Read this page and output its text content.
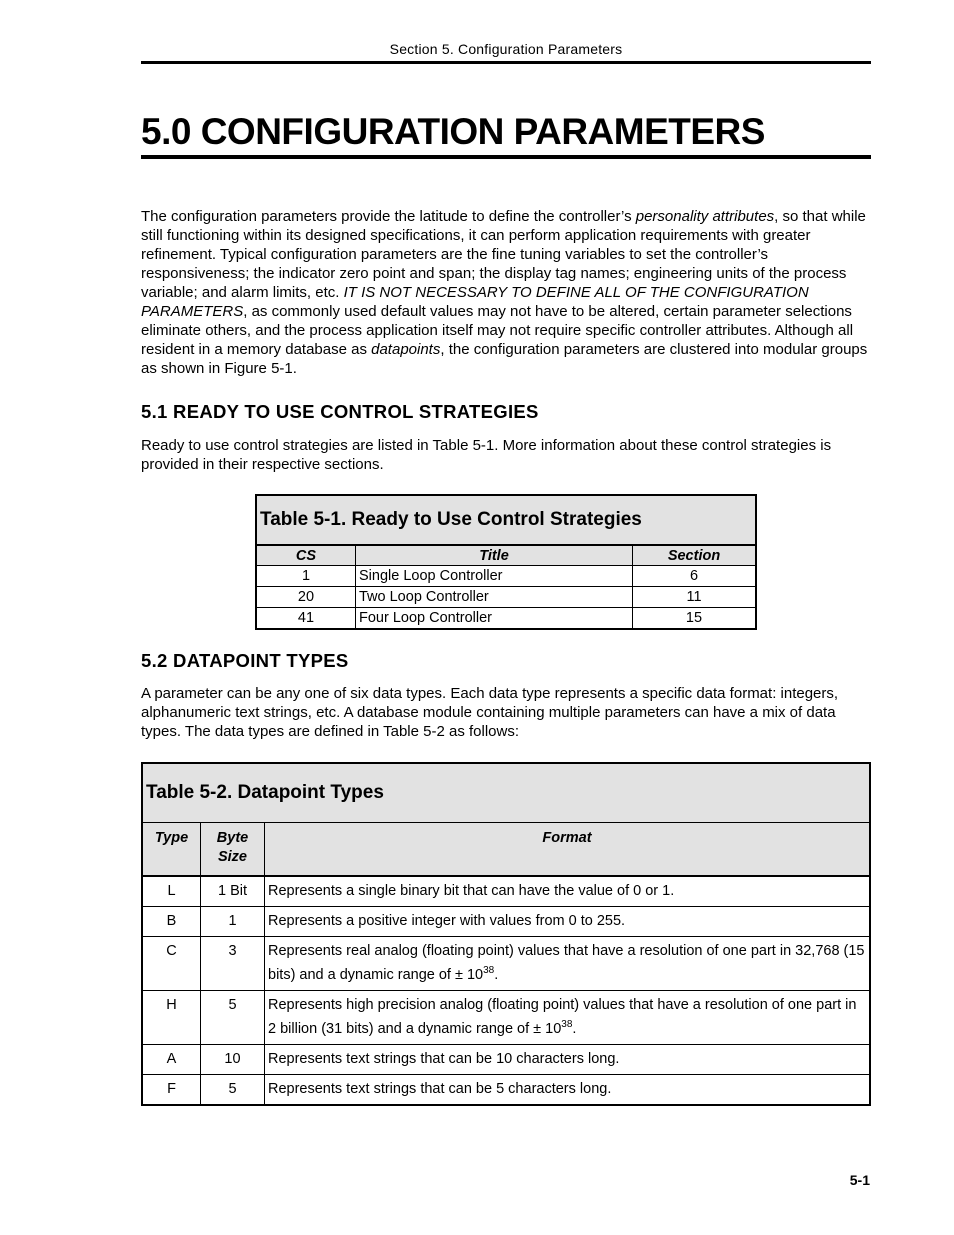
Section 5. Configuration Parameters
5.0 CONFIGURATION PARAMETERS

The configuration parameters provide the latitude to define the controller’s personality attributes, so that while still functioning within its designed specifications, it can perform application requirements with greater refinement. Typical configuration parameters are the fine tuning variables to set the controller’s responsiveness; the indicator zero point and span; the display tag names; engineering units of the process variable; and alarm limits, etc. IT IS NOT NECESSARY TO DEFINE ALL OF THE CONFIGURATION PARAMETERS, as commonly used default values may not have to be altered, certain parameter selections eliminate others, and the process application itself may not require specific controller attributes. Although all resident in a memory database as datapoints, the configuration parameters are clustered into modular groups as shown in Figure 5-1.

5.1 READY TO USE CONTROL STRATEGIES

Ready to use control strategies are listed in Table 5-1. More information about these control strategies is provided in their respective sections.

Table 5-1. Ready to Use Control Strategies		
CS	Title	Section
1	Single Loop Controller	6
20	Two Loop Controller	11
41	Four Loop Controller	15
5.2 DATAPOINT TYPES

A parameter can be any one of six data types. Each data type represents a specific data format: integers, alphanumeric text strings, etc. A database module containing multiple parameters can have a mix of data types. The data types are defined in Table 5-2 as follows:

Table 5-2. Datapoint Types		
Type	Byte Size	Format
L	1 Bit	Represents a single binary bit that can have the value of 0 or 1.
B	1	Represents a positive integer with values from 0 to 255.
C	3	Represents real analog (floating point) values that have a resolution of one part in 32,768 (15 bits) and a dynamic range of ± $10^{38}$.
H	5	Represents high precision analog (floating point) values that have a resolution of one part in 2 billion (31 bits) and a dynamic range of ± $10^{38}$.
A	10	Represents text strings that can be 10 characters long.
F	5	Represents text strings that can be 5 characters long.
5-1
